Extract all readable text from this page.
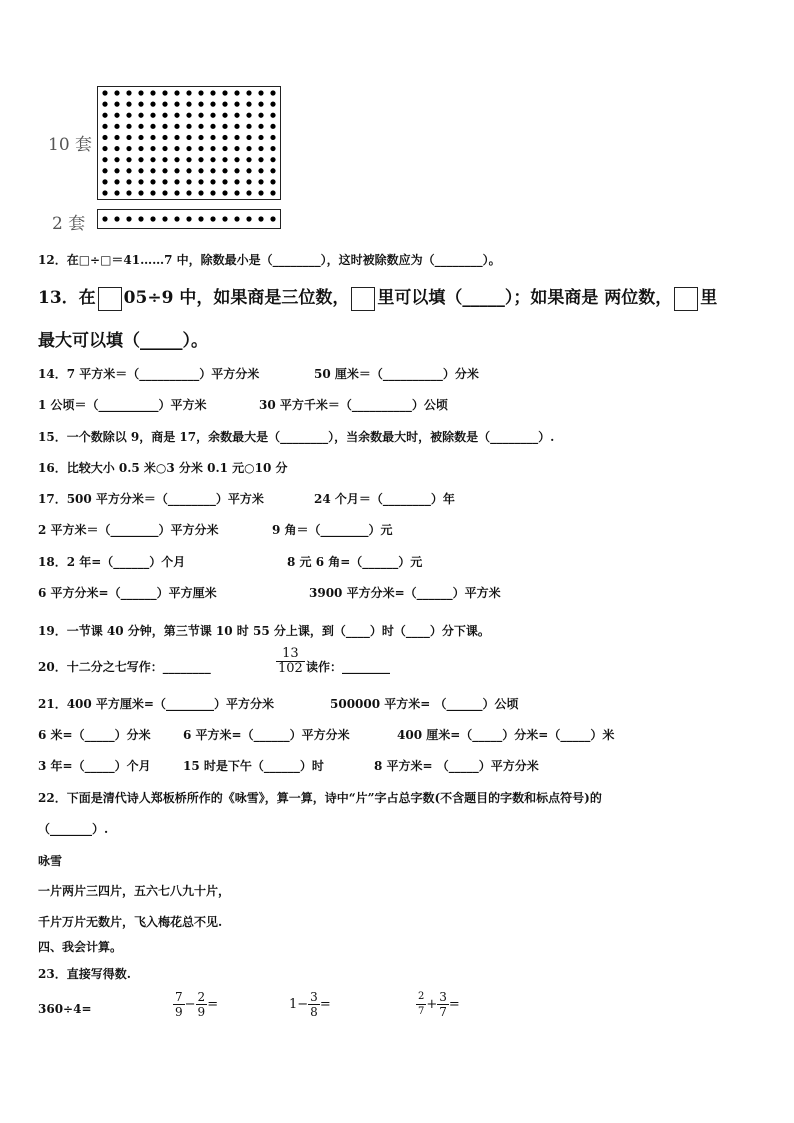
10 套
2 套
12．在□÷□＝41……7 中，除数最小是（________），这时被除数应为（________）。
13．在 05÷9 中，如果商是三位数， 里可以填（_____）；如果商是 两位数， 里
最大可以填（_____）。
14．7 平方米＝（__________）平方分米	50 厘米＝（__________）分米
1 公顷＝（__________）平方米	30 平方千米＝（__________）公顷
15．一个数除以 9，商是 17，余数最大是（________），当余数最大时，被除数是（________）.
16．比较大小 0.5 米○3 分米 0.1 元○10 分
17．500 平方分米＝（________）平方米	24 个月＝（________）年
2 平方米＝（________）平方分米	9 角＝（________）元
18．2 年=（______）个月	8 元 6 角=（______）元
6 平方分米=（______）平方厘米	3900 平方分米=（______）平方米
19．一节课 40 分钟，第三节课 10 时 55 分上课，到（____）时（____）分下课。
20．十二分之七写作：________	$\frac{13}{102}$ 读作：________
21．400 平方厘米=（________）平方分米	500000 平方米= （______）公顷
6 米=（_____）分米	6 平方米=（______）平方分米	400 厘米=（_____）分米=（_____）米
3 年=（_____）个月	15 时是下午（______）时	8 平方米= （_____）平方分米
22．下面是清代诗人郑板桥所作的《咏雪》，算一算，诗中“片”字占总字数(不含题目的字数和标点符号)的
（_______）.
咏雪
一片两片三四片，五六七八九十片，
千片万片无数片，飞入梅花总不见.
四、我会计算。
23．直接写得数.
360÷4=	$\frac{7}{9} - \frac{2}{9}$ =	$1- \frac{3}{8}$ =	$\frac{2}{7} + \frac{3}{7}$ =
